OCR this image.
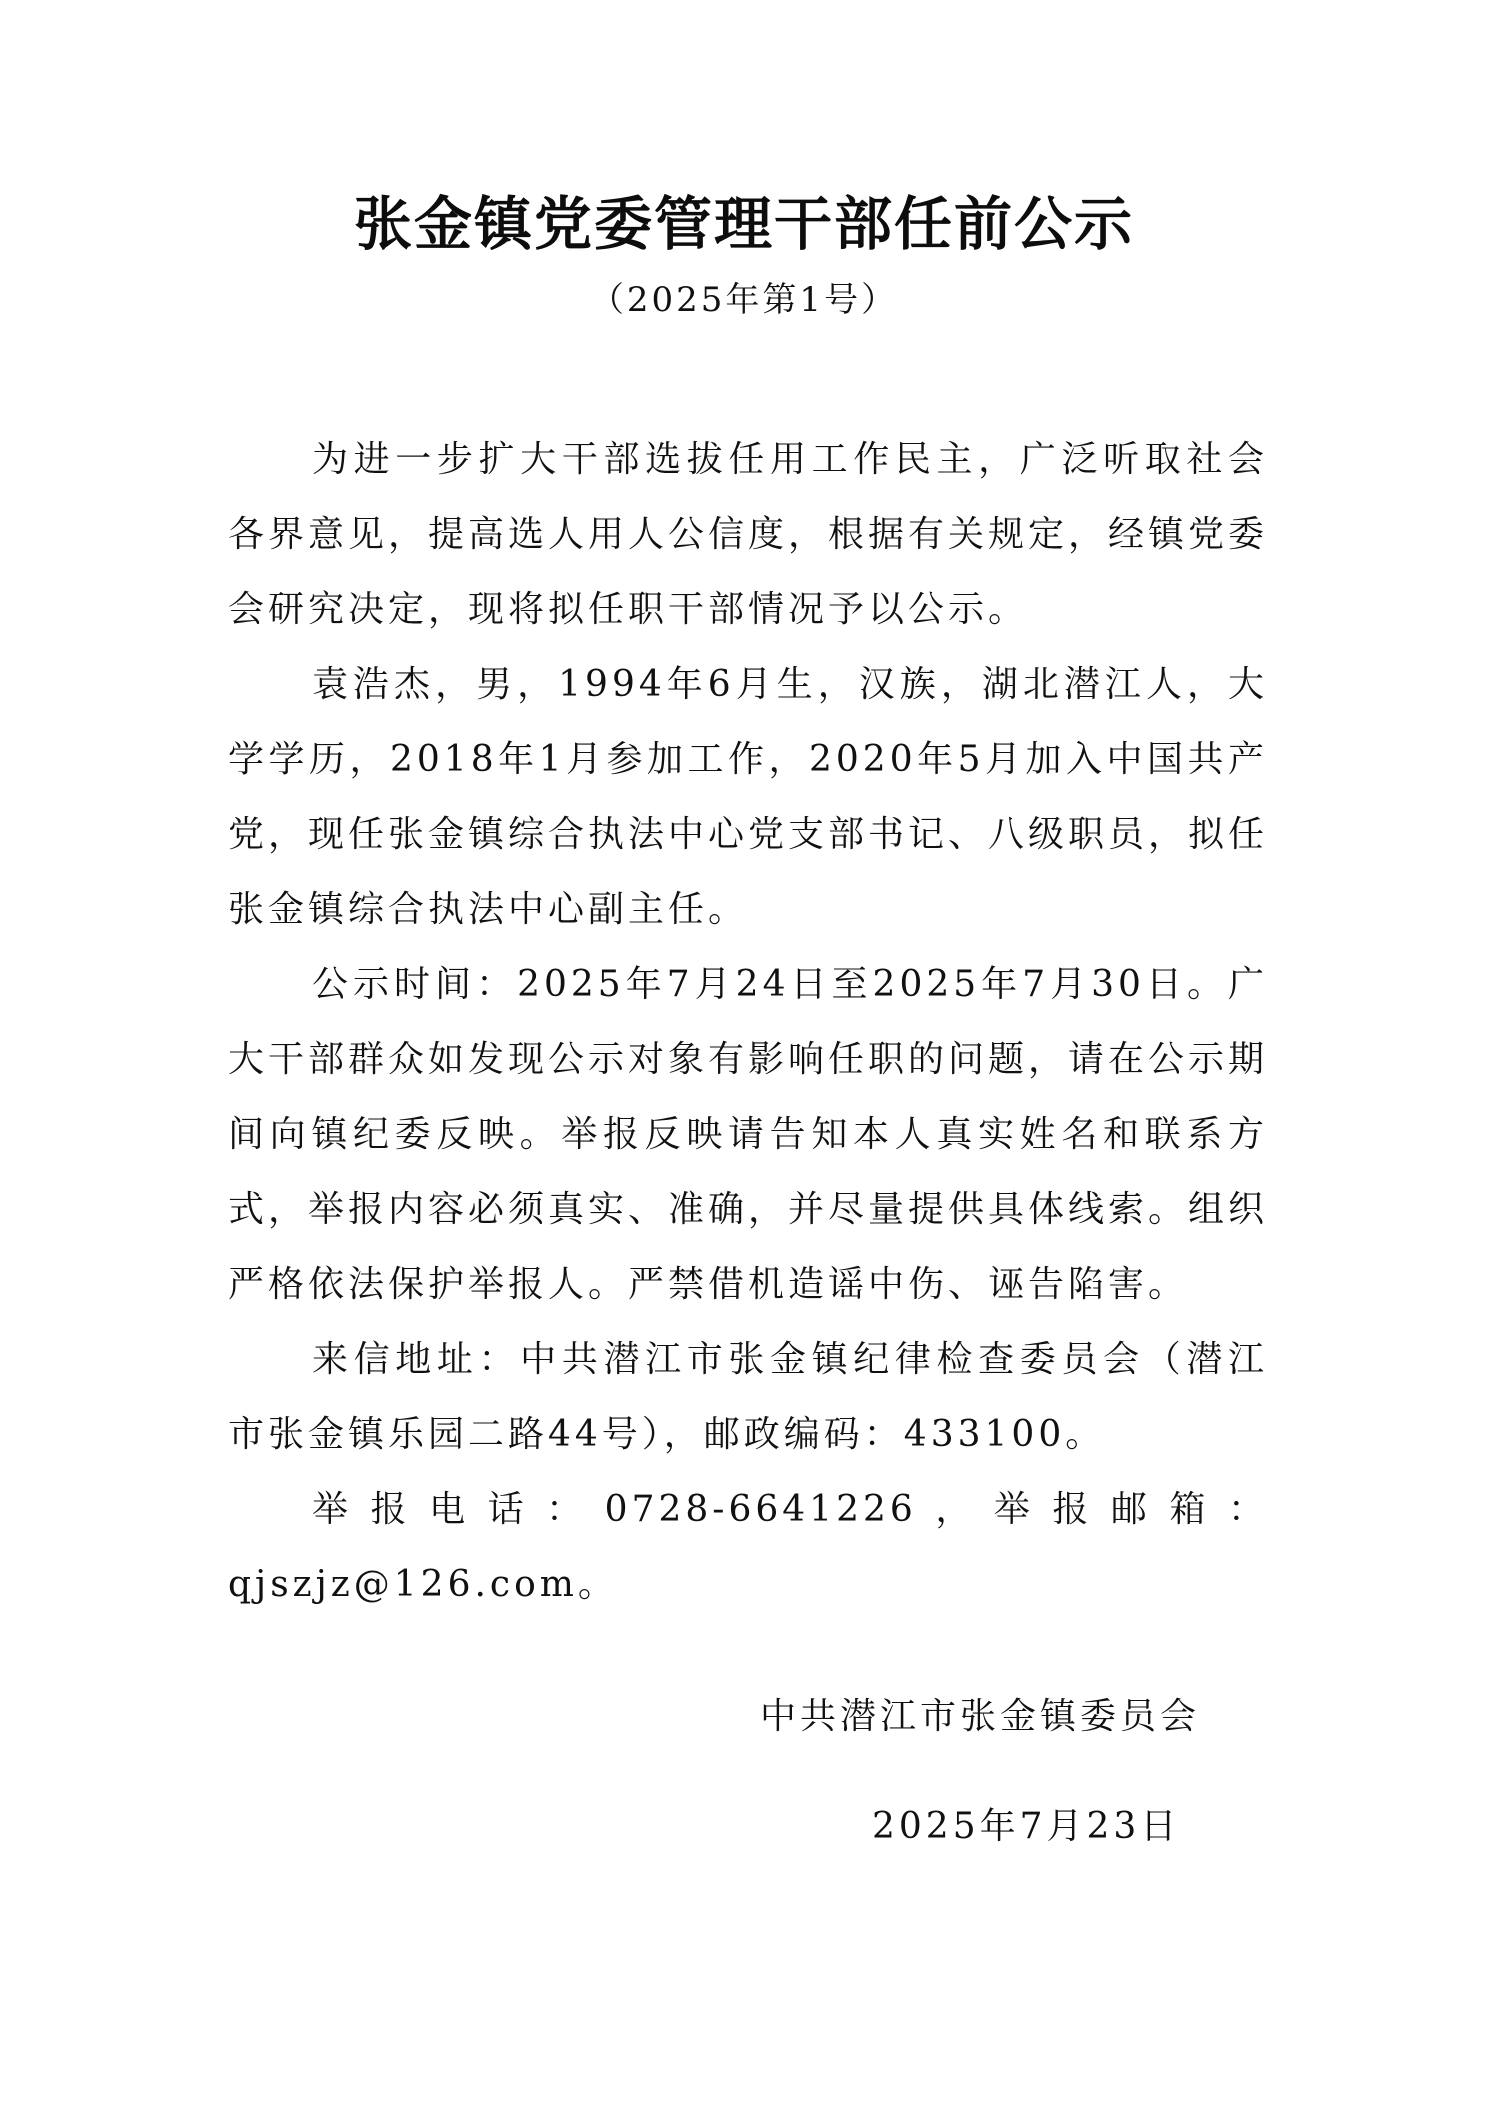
张金镇党委管理干部任前公示
（2025年第1号）

为进一步扩大干部选拔任用工作民主，广泛听取社会各界意见，提高选人用人公信度，根据有关规定，经镇党委会研究决定，现将拟任职干部情况予以公示。

袁浩杰，男，1994年6月生，汉族，湖北潜江人，大学学历，2018年1月参加工作，2020年5月加入中国共产党，现任张金镇综合执法中心党支部书记、八级职员，拟任张金镇综合执法中心副主任。

公示时间：2025年7月24日至2025年7月30日。广大干部群众如发现公示对象有影响任职的问题，请在公示期间向镇纪委反映。举报反映请告知本人真实姓名和联系方式，举报内容必须真实、准确，并尽量提供具体线索。组织严格依法保护举报人。严禁借机造谣中伤、诬告陷害。

来信地址：中共潜江市张金镇纪律检查委员会（潜江市张金镇乐园二路44号），邮政编码：433100。

举报电话：0728-6641226，举报邮箱：qjszjz@126.com。

中共潜江市张金镇委员会
2025年7月23日
